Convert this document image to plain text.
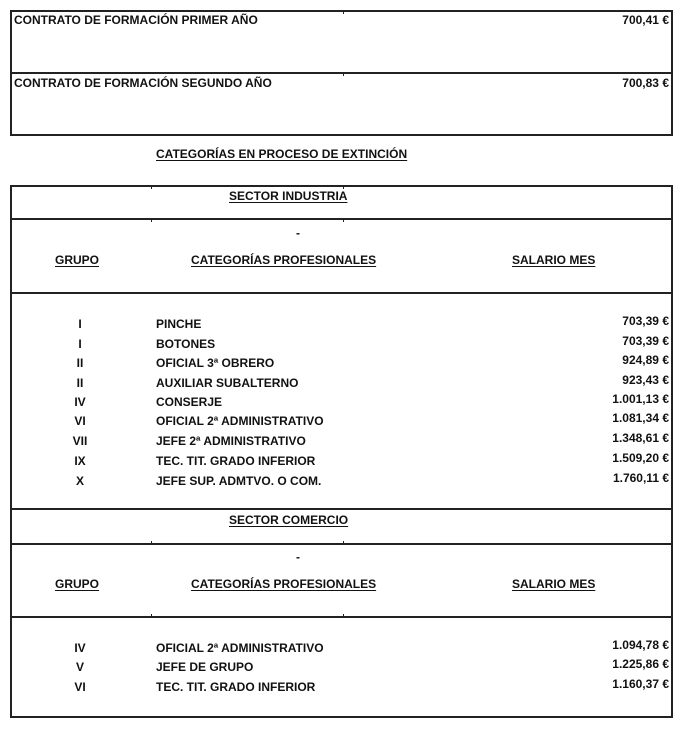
CONTRATO DE FORMACIÓN PRIMER AÑO	700,41 €
CONTRATO DE FORMACIÓN SEGUNDO AÑO	700,83 €
CATEGORÍAS EN PROCESO DE EXTINCIÓN
SECTOR INDUSTRIA
-
GRUPO	CATEGORÍAS PROFESIONALES	SALARIO MES
I	PINCHE	703,39 €
I	BOTONES	703,39 €
II	OFICIAL 3ª OBRERO	924,89 €
II	AUXILIAR SUBALTERNO	923,43 €
IV	CONSERJE	1.001,13 €
VI	OFICIAL 2ª ADMINISTRATIVO	1.081,34 €
VII	JEFE 2ª ADMINISTRATIVO	1.348,61 €
IX	TEC. TIT. GRADO INFERIOR	1.509,20 €
X	JEFE SUP. ADMTVO. O COM.	1.760,11 €
SECTOR COMERCIO
-
GRUPO	CATEGORÍAS PROFESIONALES	SALARIO MES
IV	OFICIAL 2ª ADMINISTRATIVO	1.094,78 €
V	JEFE DE GRUPO	1.225,86 €
VI	TEC. TIT. GRADO INFERIOR	1.160,37 €
